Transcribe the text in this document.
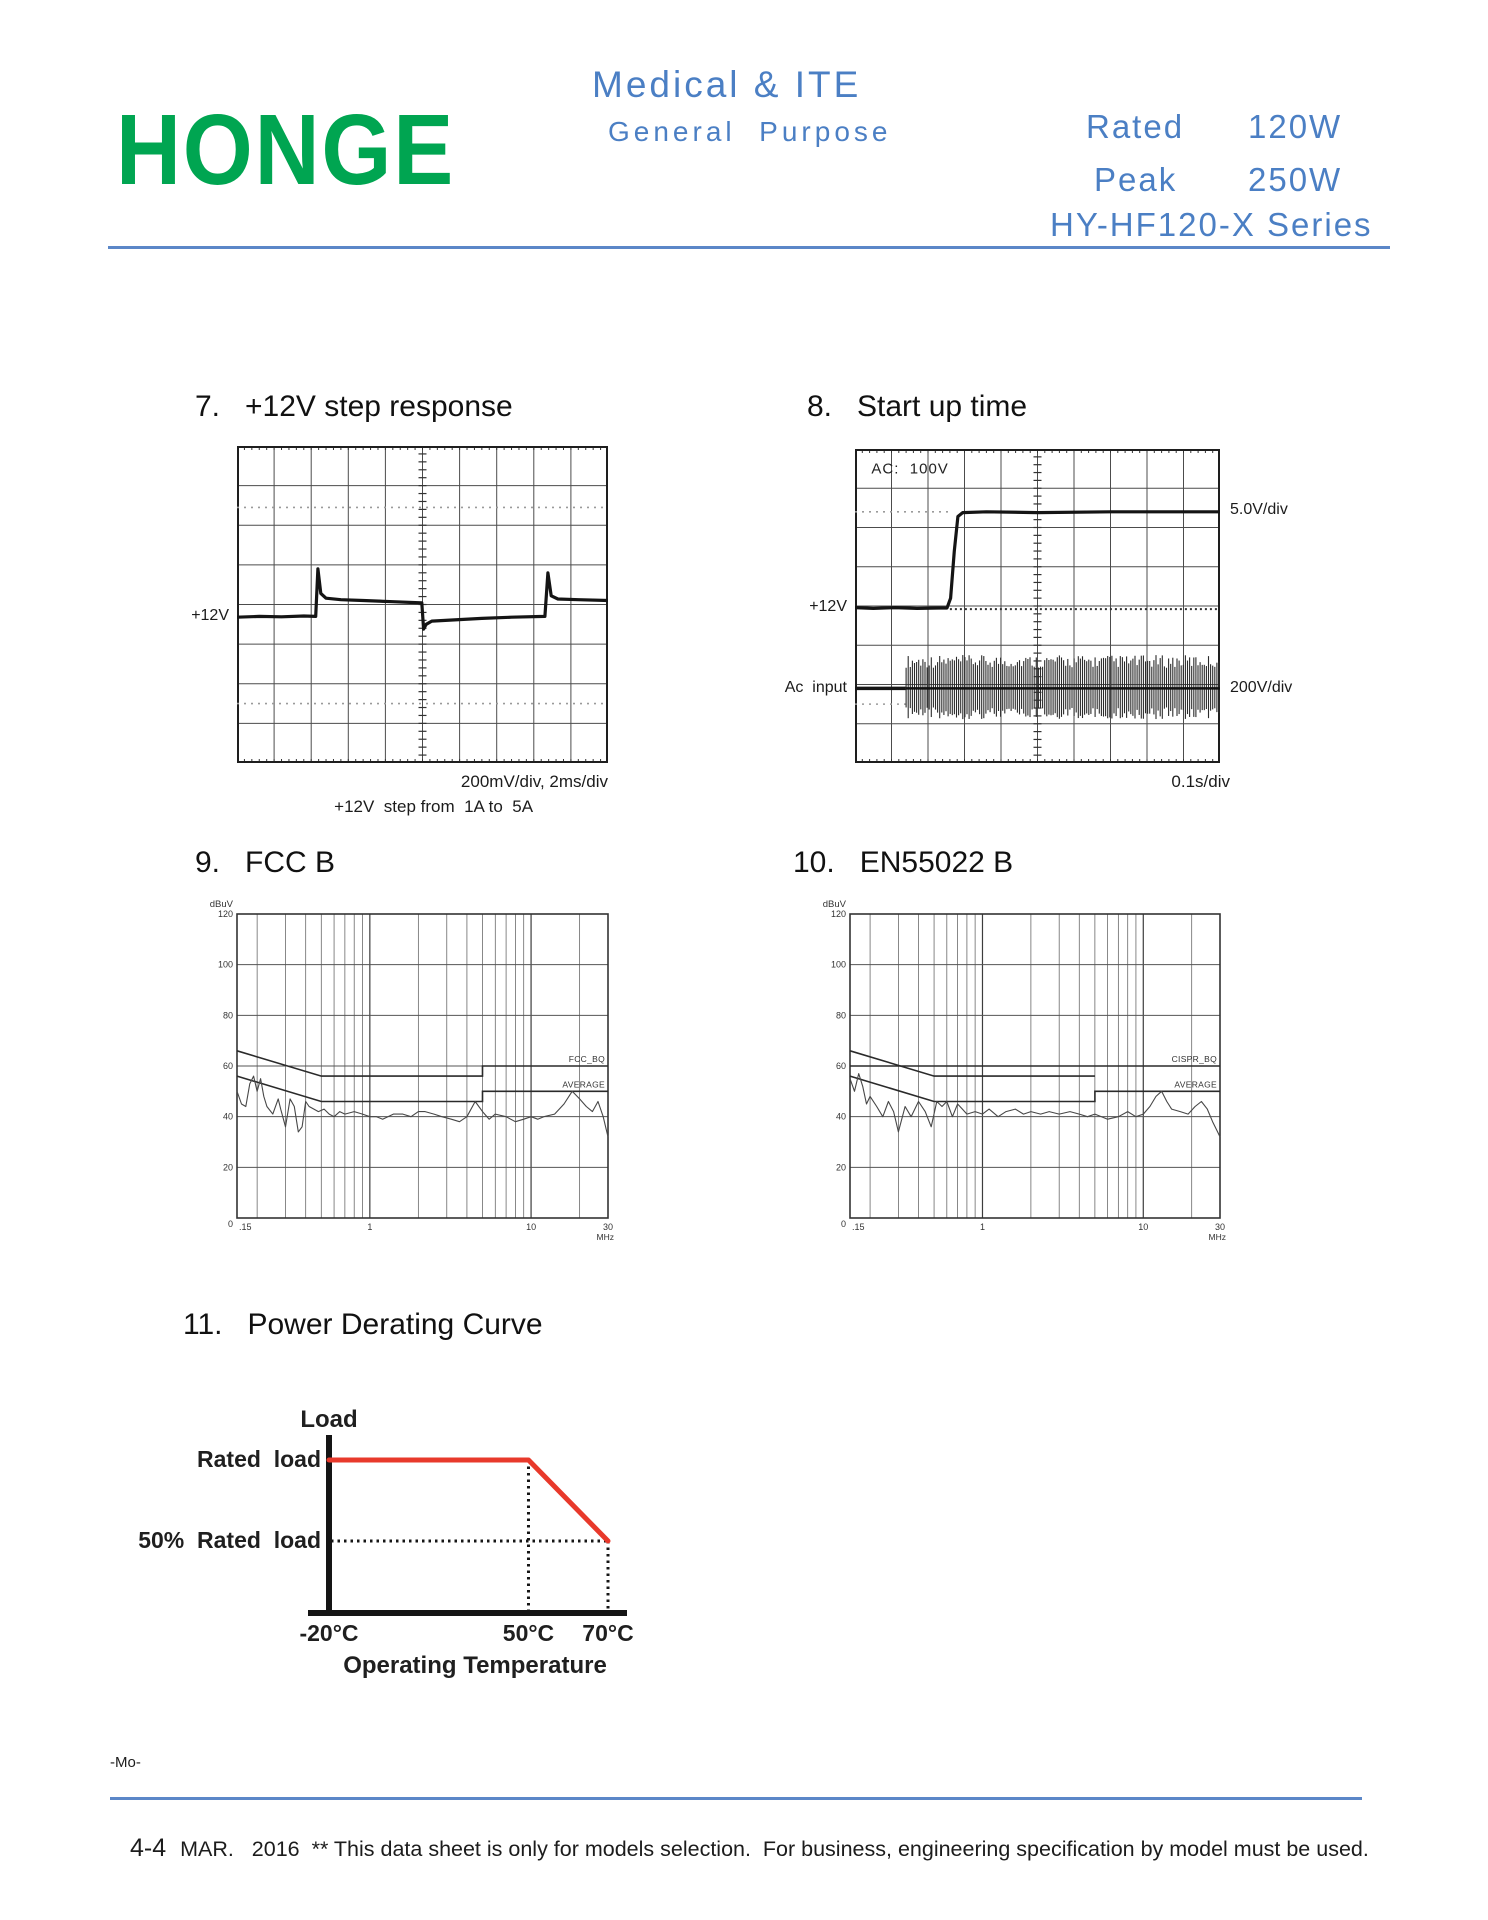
HONGE
Medical & ITE
General  Purpose	Rated 120W
Peak 250W
HY-HF120-X Series
7.   +12V step response	8.   Start up time
9.   FCC B	10.   EN55022 B
11.   Power Derating Curve
+12V
200mV/div, 2ms/div
+12V  step from  1A to  5A
AC:  100V
+12V
Ac  input
5.0V/div
200V/div
0.1s/div
FCC_BQ
AVERAGE
dBuV
20
40
60
80
100
120
0 .15	1	10	30
MHz
CISPR_BQ
AVERAGE
dBuV
20
40
60
80
100
120
0 .15	1	10	30
MHz
Load
Rated  load
50%  Rated  load
-20°C	50°C	70°C
Operating Temperature
-Mo-
4-4 MAR.   2016  ** This data sheet is only for models selection.  For business, engineering specification by model must be used.
